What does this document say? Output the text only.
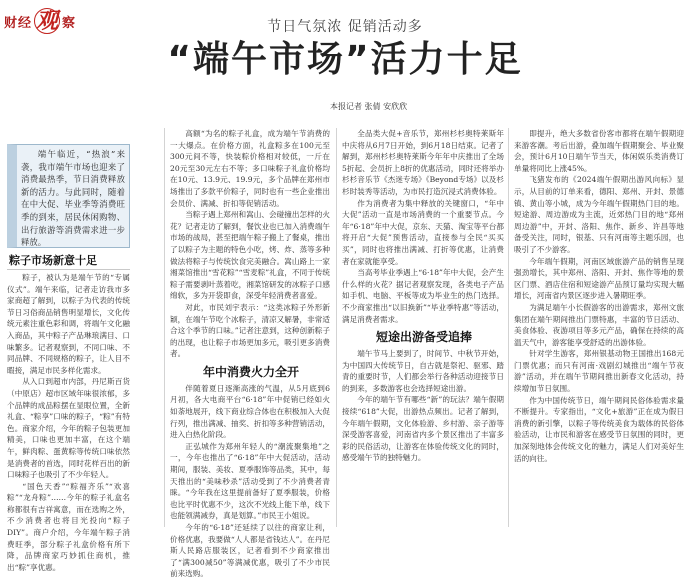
财经 观 察	节日气氛浓 促销活动多
“端午市场”活力十足
本报记者 张倩 安欣欣

端午临近，“热浪”来袭，我市端午市场也迎来了消费最热季，节日消费释放新的活力。与此同时，随着在中大促、毕业季等消费旺季的到来，居民休闲购物、出行旅游等消费需求进一步释放。

粽子市场新意十足

粽子，被认为是端午节的“专属仪式”。端午来临，记者走访我市多家商超了解到，以粽子为代表的传统节日习俗商品销售明显增长，文化传统元素注重色彩和调，将端午文化融入商品，其中粽子产品琳琅满目、口味繁多。记者观察到，不同口味、不同品牌、不同规格的粽子，让人目不暇接，满足市民多样化需求。

从入口到超市内部，丹尼斯百货（中原店）超市区域年味很浓郁，多个品牌的成品粽摆在显眼位置，全新礼盒、“粽享”口味的粽子，“粽”有特色。商家介绍，今年的粽子包装更加精美，口味也更加丰富，在这个端午，鲜肉粽、蛋黄粽等传统口味依然是消费者的首选，同时花样百出的新口味粽子也吸引了不少年轻人。

“国色天香”“粽福齐乐”“欢喜粽”“龙舟粽”……今年的粽子礼盒名称都很有吉祥寓意，而在选购之外，不少消费者也将目光投向“粽子DIY”。商户介绍，今年端午粽子消费旺季，部分粽子礼盒价格有所下降，品牌商家巧妙抓住商机，推出“粽”享优惠。

高额“为名的粽子礼盒，成为端午节消费的一大爆点。在价格方面，礼盒粽多在100元至300元间不等，快装粽价格相对较低，一斤在20元至30元左右不等；多口味粽子礼盒价格均在10元、13.9元、19.9元，多个品牌在郑州市场推出了多款平价粽子，同时也有一些企业推出会员价、满减、折扣等促销活动。

当粽子遇上郑州和嵩山、会碰撞出怎样的火花？记者走访了解到，餐饮业也已加入消费端午市场的战局，甚至把端午粽子搬上了餐桌，推出了以粽子为主题的特色小吃，烤、炸、蒸等多种做法将粽子与传统饮食完美融合。嵩山路上一家湘菜馆推出“雪花粽”“雪麦粽”礼盒，不同于传统粽子需要剥叶蒸着吃，湘菜馆研发的冰粽子口感绵软，多为开袋即食，深受年轻消费者喜爱。

对此，市民刘宇表示：“这类冰粽子外形新颖，在端午节吃个冰粽子，清凉又解暑，非常适合这个季节的口味。”记者注意到，这种创新粽子的出现，也让粽子市场更加多元，吸引更多消费者。

年中消费火力全开

伴随着夏日逐渐高涨的气温，从5月底到6月初，各大电商平台“6·18”年中促销已经如火如荼地展开，线下商业综合体也在积极加入大促行列，推出满减、抽奖、折扣等多种营销活动，进入白热化阶段。

正弘城作为郑州年轻人的“潮流聚集地”之一，今年也推出了“6·18”年中大促活动，活动期间，服装、美妆、夏季服饰等品类，其中，每天推出的“美味秒杀”活动受到了不少消费者青睐。“今年我在这里提前备好了夏季服装，价格也比平时优惠不少，这次不光线上能下单，线下也能领满减券，真是划算。”市民王小姐说。

今年的“6·18”还延续了以往的商家让利，价格优惠，我要做“人人都是省钱达人”。在丹尼斯人民路店服装区，记者看到不少商家推出了“满300减50”等满减优惠，吸引了不少市民前来选购。

全品类大促+音乐节，郑州杉杉奥特莱斯年中庆将从6月7日开始，到6月18日结束。记者了解到，郑州杉杉奥特莱斯今年年中庆推出了全场5折起、会员折上8折的优惠活动，同时还将举办杉杉音乐节《杰迷专场》《Beyond专场》以及杉杉时装秀等活动，为市民打造沉浸式消费体验。

作为消费者为集中释放的关键窗口，“年中大促”活动一直是市场消费的一个重要节点。今年“6·18”年中大促，京东、天猫、淘宝等平台都将开启“大促”预售活动，直接参与全民“买买买”，同时也将推出满减、打折等优惠，让消费者在家就能享受。

当高考毕业季遇上“6·18”年中大促，会产生什么样的火花？据记者观察发现，各类电子产品如手机、电脑、平板等成为毕业生的热门选择。不少商家推出“以旧换新”“毕业季特惠”等活动，满足消费者需求。

短途出游备受追捧

端午节马上要到了，时间节、中秋节开始，为中国四大传统节日，自古就是祭祀、驱邪、踏青的重要时节，人们都会举行各种活动迎接节日的到来，多数游客也会选择短途出游。

今年的端午节有哪些“新”的玩法？端午假期接续“618”大促，出游热点频出。记者了解到，今年端午假期，文化体验游、乡村游、亲子游等深受游客喜爱，河南省内多个景区推出了丰富多彩的民俗活动，让游客在体验传统文化的同时，感受端午节的独特魅力。

即提升，绝大多数省份客市都将在端午假期迎来游客潮。考后出游，叠加端午假期聚会、毕业聚会，预计6月10日端午节当天，体闲娱乐类消费订单量将同比上涨45%。

飞猪发布的《2024端午假期出游风向标》显示，从目前的订单来看，德阳、郑州、开封、景德镇、黄山等小城，成为今年端午假期热门目的地。短途游、周边游成为主流，近郊热门目的地“郑州周边游”中，开封、洛阳、焦作、新乡、许昌等地备受关注，同时，银基、只有河南等主题乐园，也吸引了不少游客。

今年端午假期，河南区域旅游产品的销售呈现强劲增长，其中郑州、洛阳、开封、焦作等地的景区门票、酒店住宿和短途游产品预订量均实现大幅增长，河南省内景区逐步进入暑期旺季。

为满足端午小长假游客的出游需求，郑州文旅集团在端午期间推出门票特惠，丰富的节日活动、美食体验、夜游项目等多元产品，确保在持续的高温天气中，游客能享受舒适的出游体验。

针对学生游客，郑州银基动物王国推出168元门票优惠；而只有河南·戏剧幻城推出“端午节夜游”活动，并在端午节期间推出新春文化活动，持续增加节日氛围。

作为中国传统节日，端午期间民俗体验需求量不断提升。专家指出，“文化+旅游”正在成为假日消费的新引擎，以粽子等传统美食为载体的民俗体验活动，让市民和游客在感受节日氛围的同时，更加深刻地体会传统文化的魅力，满足人们对美好生活的向往。
